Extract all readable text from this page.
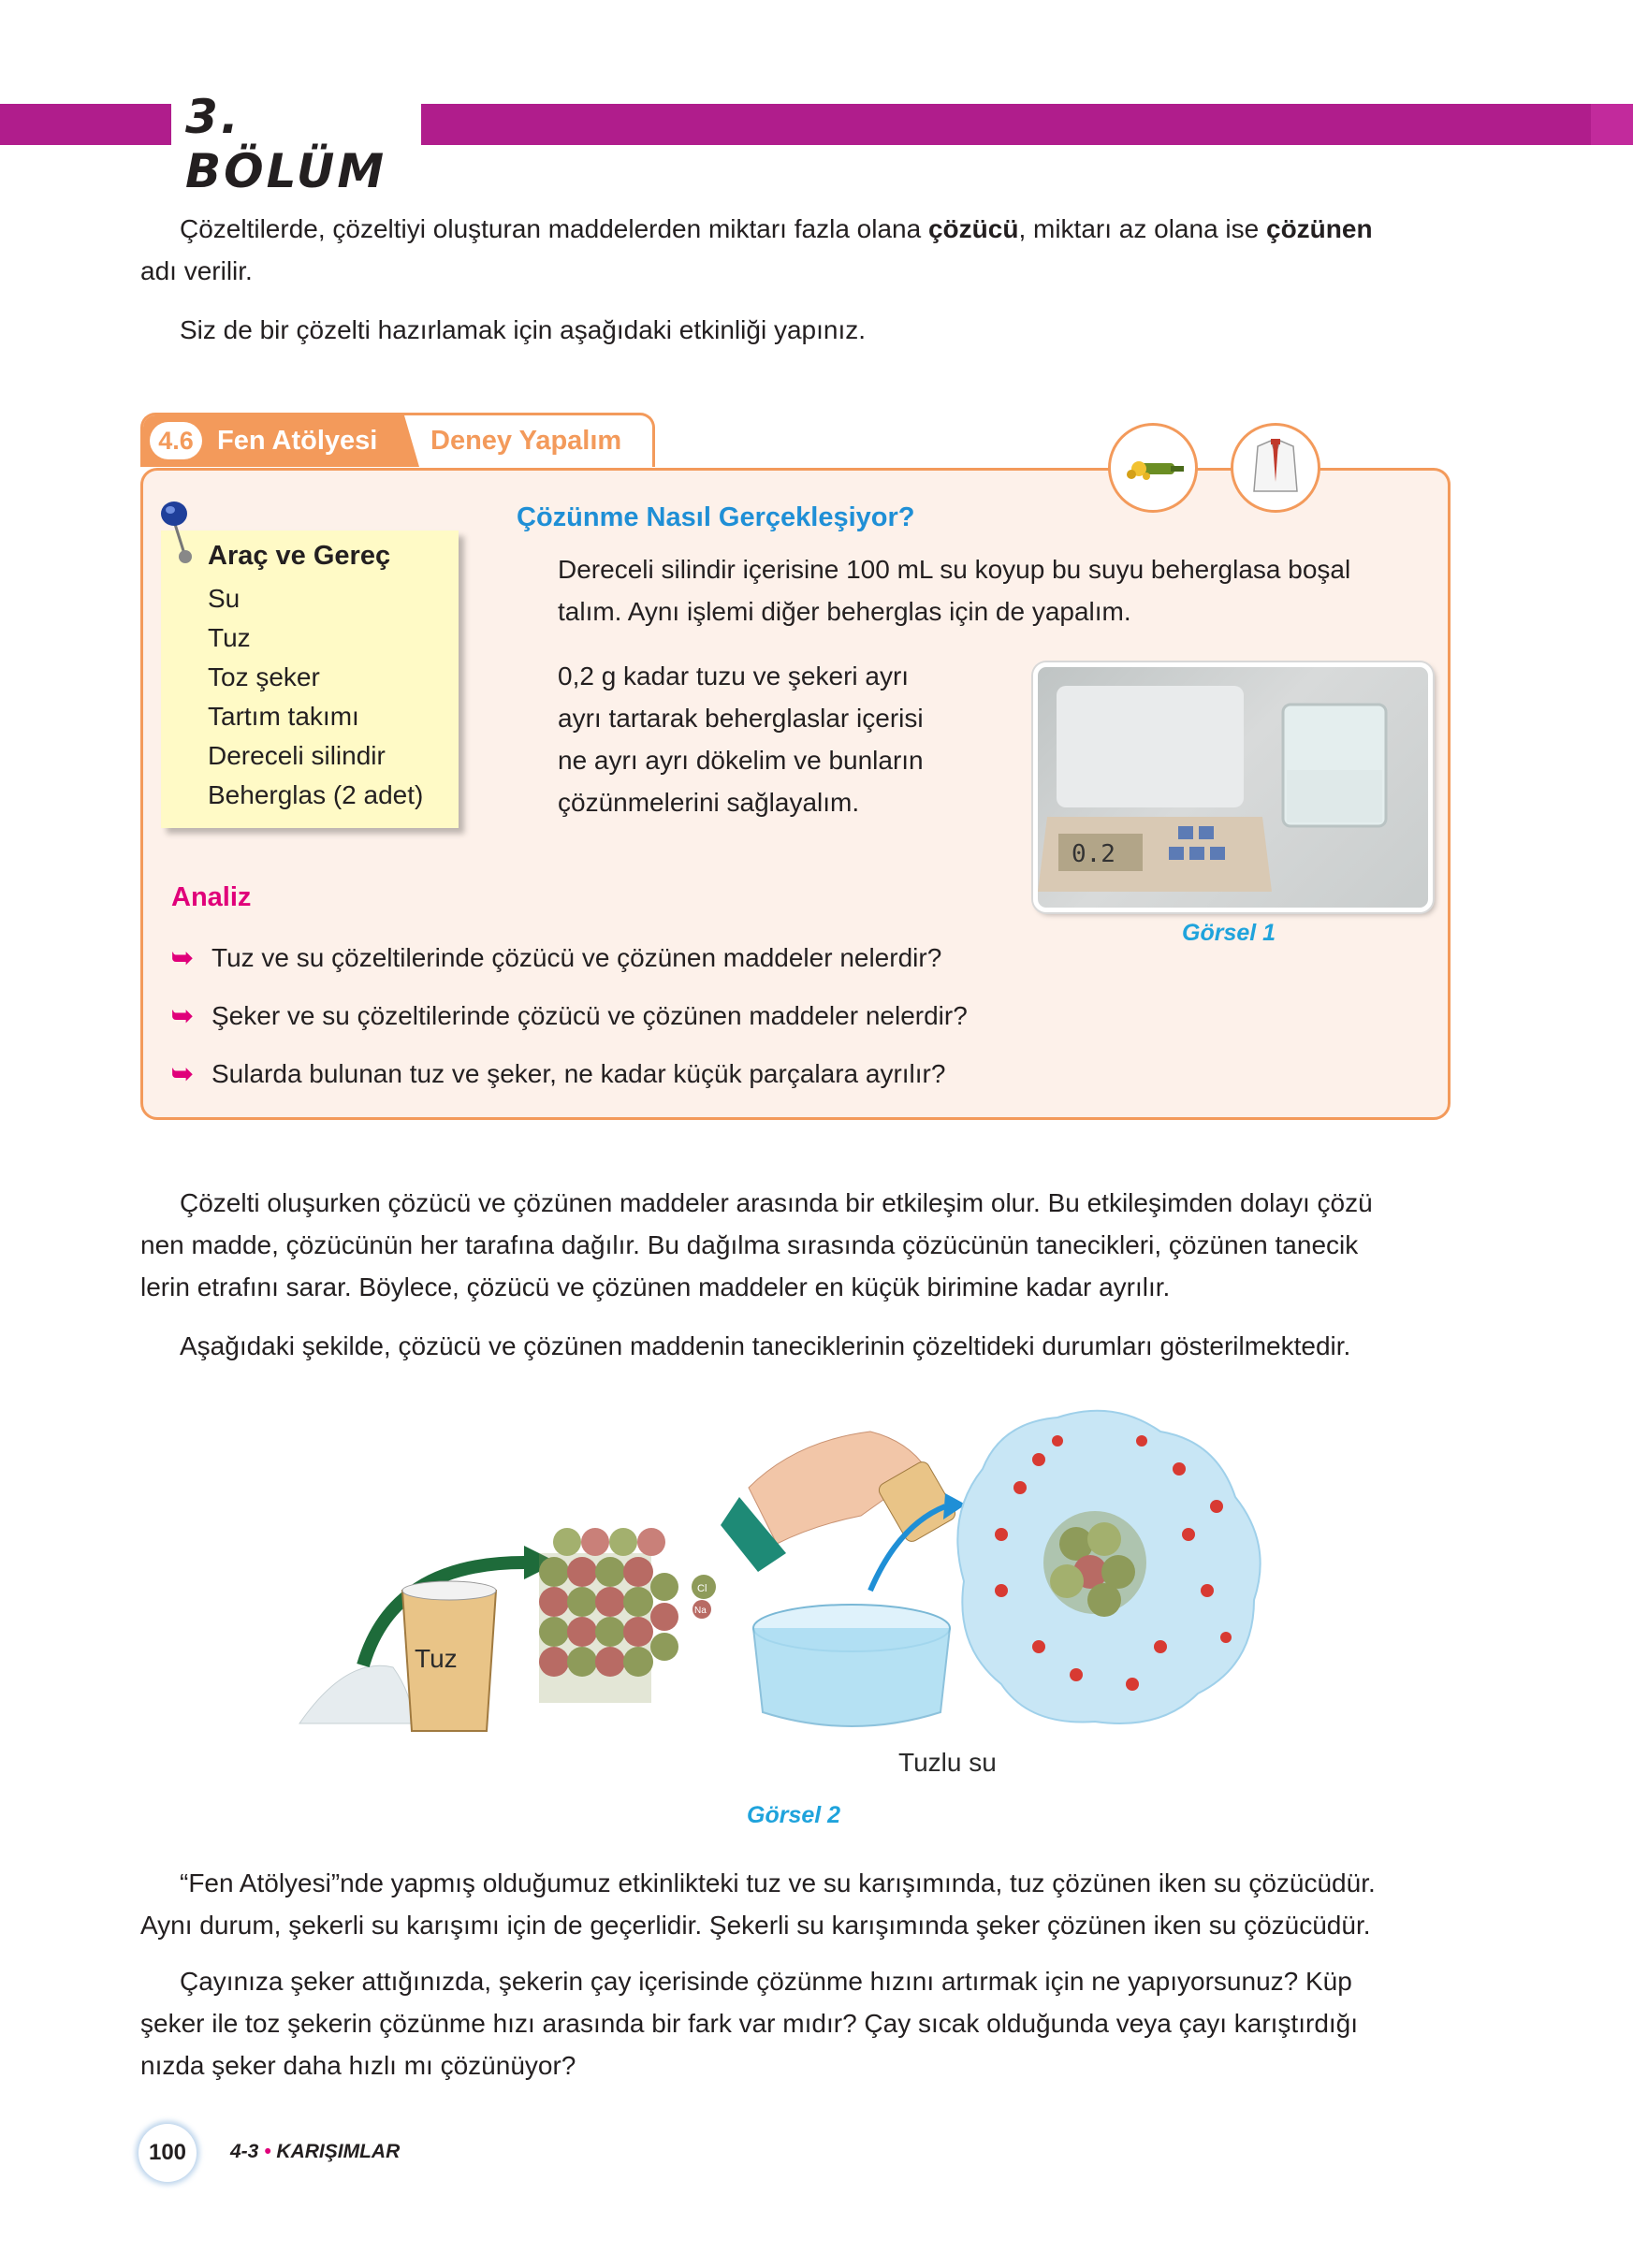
3. BÖLÜM
Çözeltilerde, çözeltiyi oluşturan maddelerden miktarı fazla olana çözücü, miktarı az olana ise çözünen
adı verilir.
Siz de bir çözelti hazırlamak için aşağıdaki etkinliği yapınız.
4.6 Fen Atölyesi Deney Yapalım
Araç ve Gereç
Su
Tuz
Toz şeker
Tartım takımı
Dereceli silindir
Beherglas (2 adet)
Çözünme Nasıl Gerçekleşiyor?
Dereceli silindir içerisine 100 mL su koyup bu suyu beherglasa boşal
talım. Aynı işlemi diğer beherglas için de yapalım.
0,2 g kadar tuzu ve şekeri ayrı
ayrı tartarak beherglaslar içerisi
ne ayrı ayrı dökelim ve bunların
çözünmelerini sağlayalım.
0.2
Görsel 1
Analiz
➥ Tuz ve su çözeltilerinde çözücü ve çözünen maddeler nelerdir?
➥ Şeker ve su çözeltilerinde çözücü ve çözünen maddeler nelerdir?
➥ Sularda bulunan tuz ve şeker, ne kadar küçük parçalara ayrılır?
Çözelti oluşurken çözücü ve çözünen maddeler arasında bir etkileşim olur. Bu etkileşimden dolayı çözü
nen madde, çözücünün her tarafına dağılır. Bu dağılma sırasında çözücünün tanecikleri, çözünen tanecik
lerin etrafını sarar. Böylece, çözücü ve çözünen maddeler en küçük birimine kadar ayrılır.
Aşağıdaki şekilde, çözücü ve çözünen maddenin taneciklerinin çözeltideki durumları gösterilmektedir.
Tuz
Cl
Na
Tuzlu su
Görsel 2
“Fen Atölyesi”nde yapmış olduğumuz etkinlikteki tuz ve su karışımında, tuz çözünen iken su çözücüdür.
Aynı durum, şekerli su karışımı için de geçerlidir. Şekerli su karışımında şeker çözünen iken su çözücüdür.
Çayınıza şeker attığınızda, şekerin çay içerisinde çözünme hızını artırmak için ne yapıyorsunuz? Küp
şeker ile toz şekerin çözünme hızı arasında bir fark var mıdır? Çay sıcak olduğunda veya çayı karıştırdığı
nızda şeker daha hızlı mı çözünüyor?
100	4-3 • KARIŞIMLAR
